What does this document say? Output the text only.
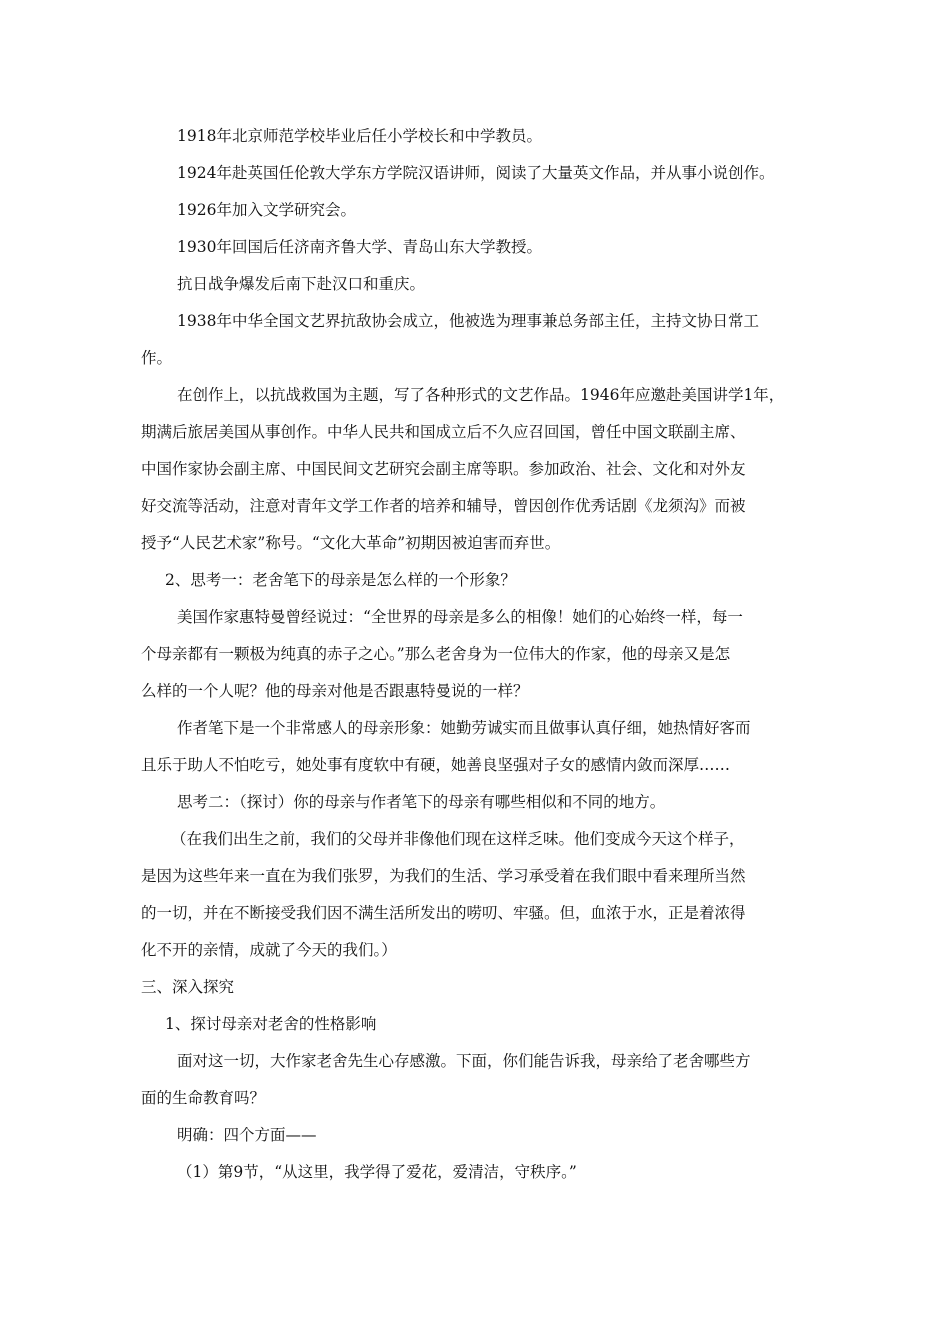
1918年北京师范学校毕业后任小学校长和中学教员。
1924年赴英国任伦敦大学东方学院汉语讲师，阅读了大量英文作品，并从事小说创作。
1926年加入文学研究会。
1930年回国后任济南齐鲁大学、青岛山东大学教授。
抗日战争爆发后南下赴汉口和重庆。
1938年中华全国文艺界抗敌协会成立，他被选为理事兼总务部主任，主持文协日常工
作。
在创作上，以抗战救国为主题，写了各种形式的文艺作品。1946年应邀赴美国讲学1年，
期满后旅居美国从事创作。中华人民共和国成立后不久应召回国，曾任中国文联副主席、
中国作家协会副主席、中国民间文艺研究会副主席等职。参加政治、社会、文化和对外友
好交流等活动，注意对青年文学工作者的培养和辅导，曾因创作优秀话剧《龙须沟》而被
授予“人民艺术家”称号。“文化大革命”初期因被迫害而弃世。
2、思考一：老舍笔下的母亲是怎么样的一个形象？
美国作家惠特曼曾经说过：“全世界的母亲是多么的相像！她们的心始终一样，每一
个母亲都有一颗极为纯真的赤子之心。”那么老舍身为一位伟大的作家，他的母亲又是怎
么样的一个人呢？他的母亲对他是否跟惠特曼说的一样？
作者笔下是一个非常感人的母亲形象：她勤劳诚实而且做事认真仔细，她热情好客而
且乐于助人不怕吃亏，她处事有度软中有硬，她善良坚强对子女的感情内敛而深厚……
思考二：（探讨）你的母亲与作者笔下的母亲有哪些相似和不同的地方。
（在我们出生之前，我们的父母并非像他们现在这样乏味。他们变成今天这个样子，
是因为这些年来一直在为我们张罗，为我们的生活、学习承受着在我们眼中看来理所当然
的一切，并在不断接受我们因不满生活所发出的唠叨、牢骚。但，血浓于水，正是着浓得
化不开的亲情，成就了今天的我们。）
三、深入探究
1、探讨母亲对老舍的性格影响
面对这一切，大作家老舍先生心存感激。下面，你们能告诉我，母亲给了老舍哪些方
面的生命教育吗？
明确：四个方面——
（1）第9节，“从这里，我学得了爱花，爱清洁，守秩序。”
